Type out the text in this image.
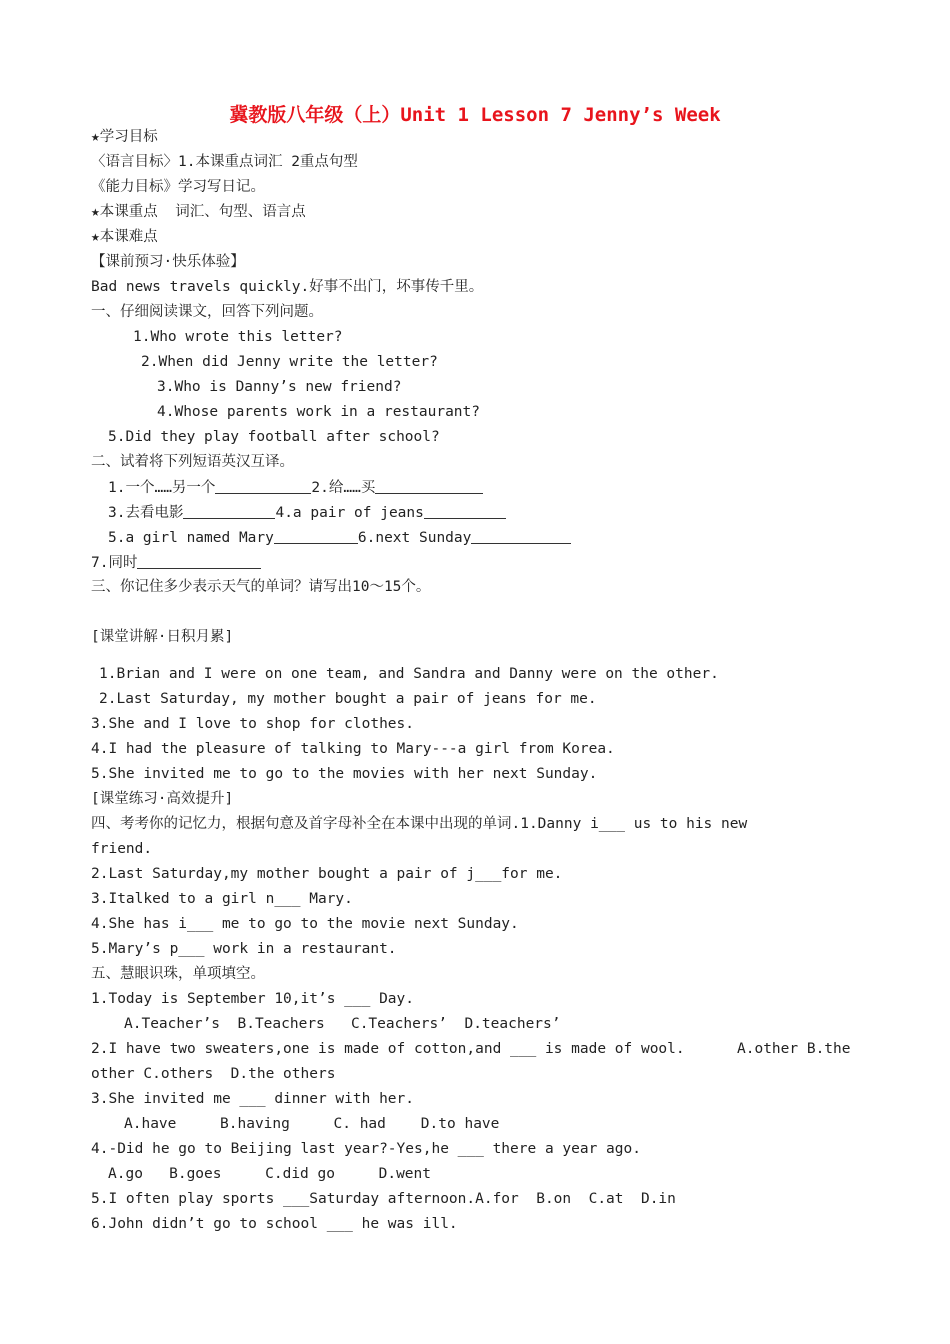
冀教版八年级（上）Unit 1 Lesson 7 Jenny’s Week
★学习目标
〈语言目标〉1.本课重点词汇 2重点句型
《能力目标》学习写日记。
★本课重点  词汇、句型、语言点
★本课难点
【课前预习·快乐体验】
Bad news travels quickly.好事不出门，坏事传千里。
一、仔细阅读课文，回答下列问题。
1.Who wrote this letter?
2.When did Jenny write the letter?
3.Who is Danny’s new friend?
4.Whose parents work in a restaurant?
5.Did they play football after school?
二、试着将下列短语英汉互译。
1.一个……另一个	2.给……买
3.去看电影	4.a pair of jeans
5.a girl named Mary	6.next Sunday
7.同时
三、你记住多少表示天气的单词？请写出10～15个。
[课堂讲解·日积月累]
1.Brian and I were on one team, and Sandra and Danny were on the other.
2.Last Saturday, my mother bought a pair of jeans for me.
3.She and I love to shop for clothes.
4.I had the pleasure of talking to Mary---a girl from Korea.
5.She invited me to go to the movies with her next Sunday.
[课堂练习·高效提升]
四、考考你的记忆力，根据句意及首字母补全在本课中出现的单词.1.Danny i___ us to his new
friend.
2.Last Saturday,my mother bought a pair of j___for me.
3.Italked to a girl n___ Mary.
4.She has i___ me to go to the movie next Sunday.
5.Mary’s p___ work in a restaurant.
五、慧眼识珠，单项填空。
1.Today is September 10,it’s ___ Day.
A.Teacher’s  B.Teachers   C.Teachers’  D.teachers’
2.I have two sweaters,one is made of cotton,and ___ is made of wool.      A.other B.the
other C.others  D.the others
3.She invited me ___ dinner with her.
A.have     B.having     C. had    D.to have
4.-Did he go to Beijing last year?-Yes,he ___ there a year ago.
A.go   B.goes     C.did go     D.went
5.I often play sports ___Saturday afternoon.A.for  B.on  C.at  D.in
6.John didn’t go to school ___ he was ill.
